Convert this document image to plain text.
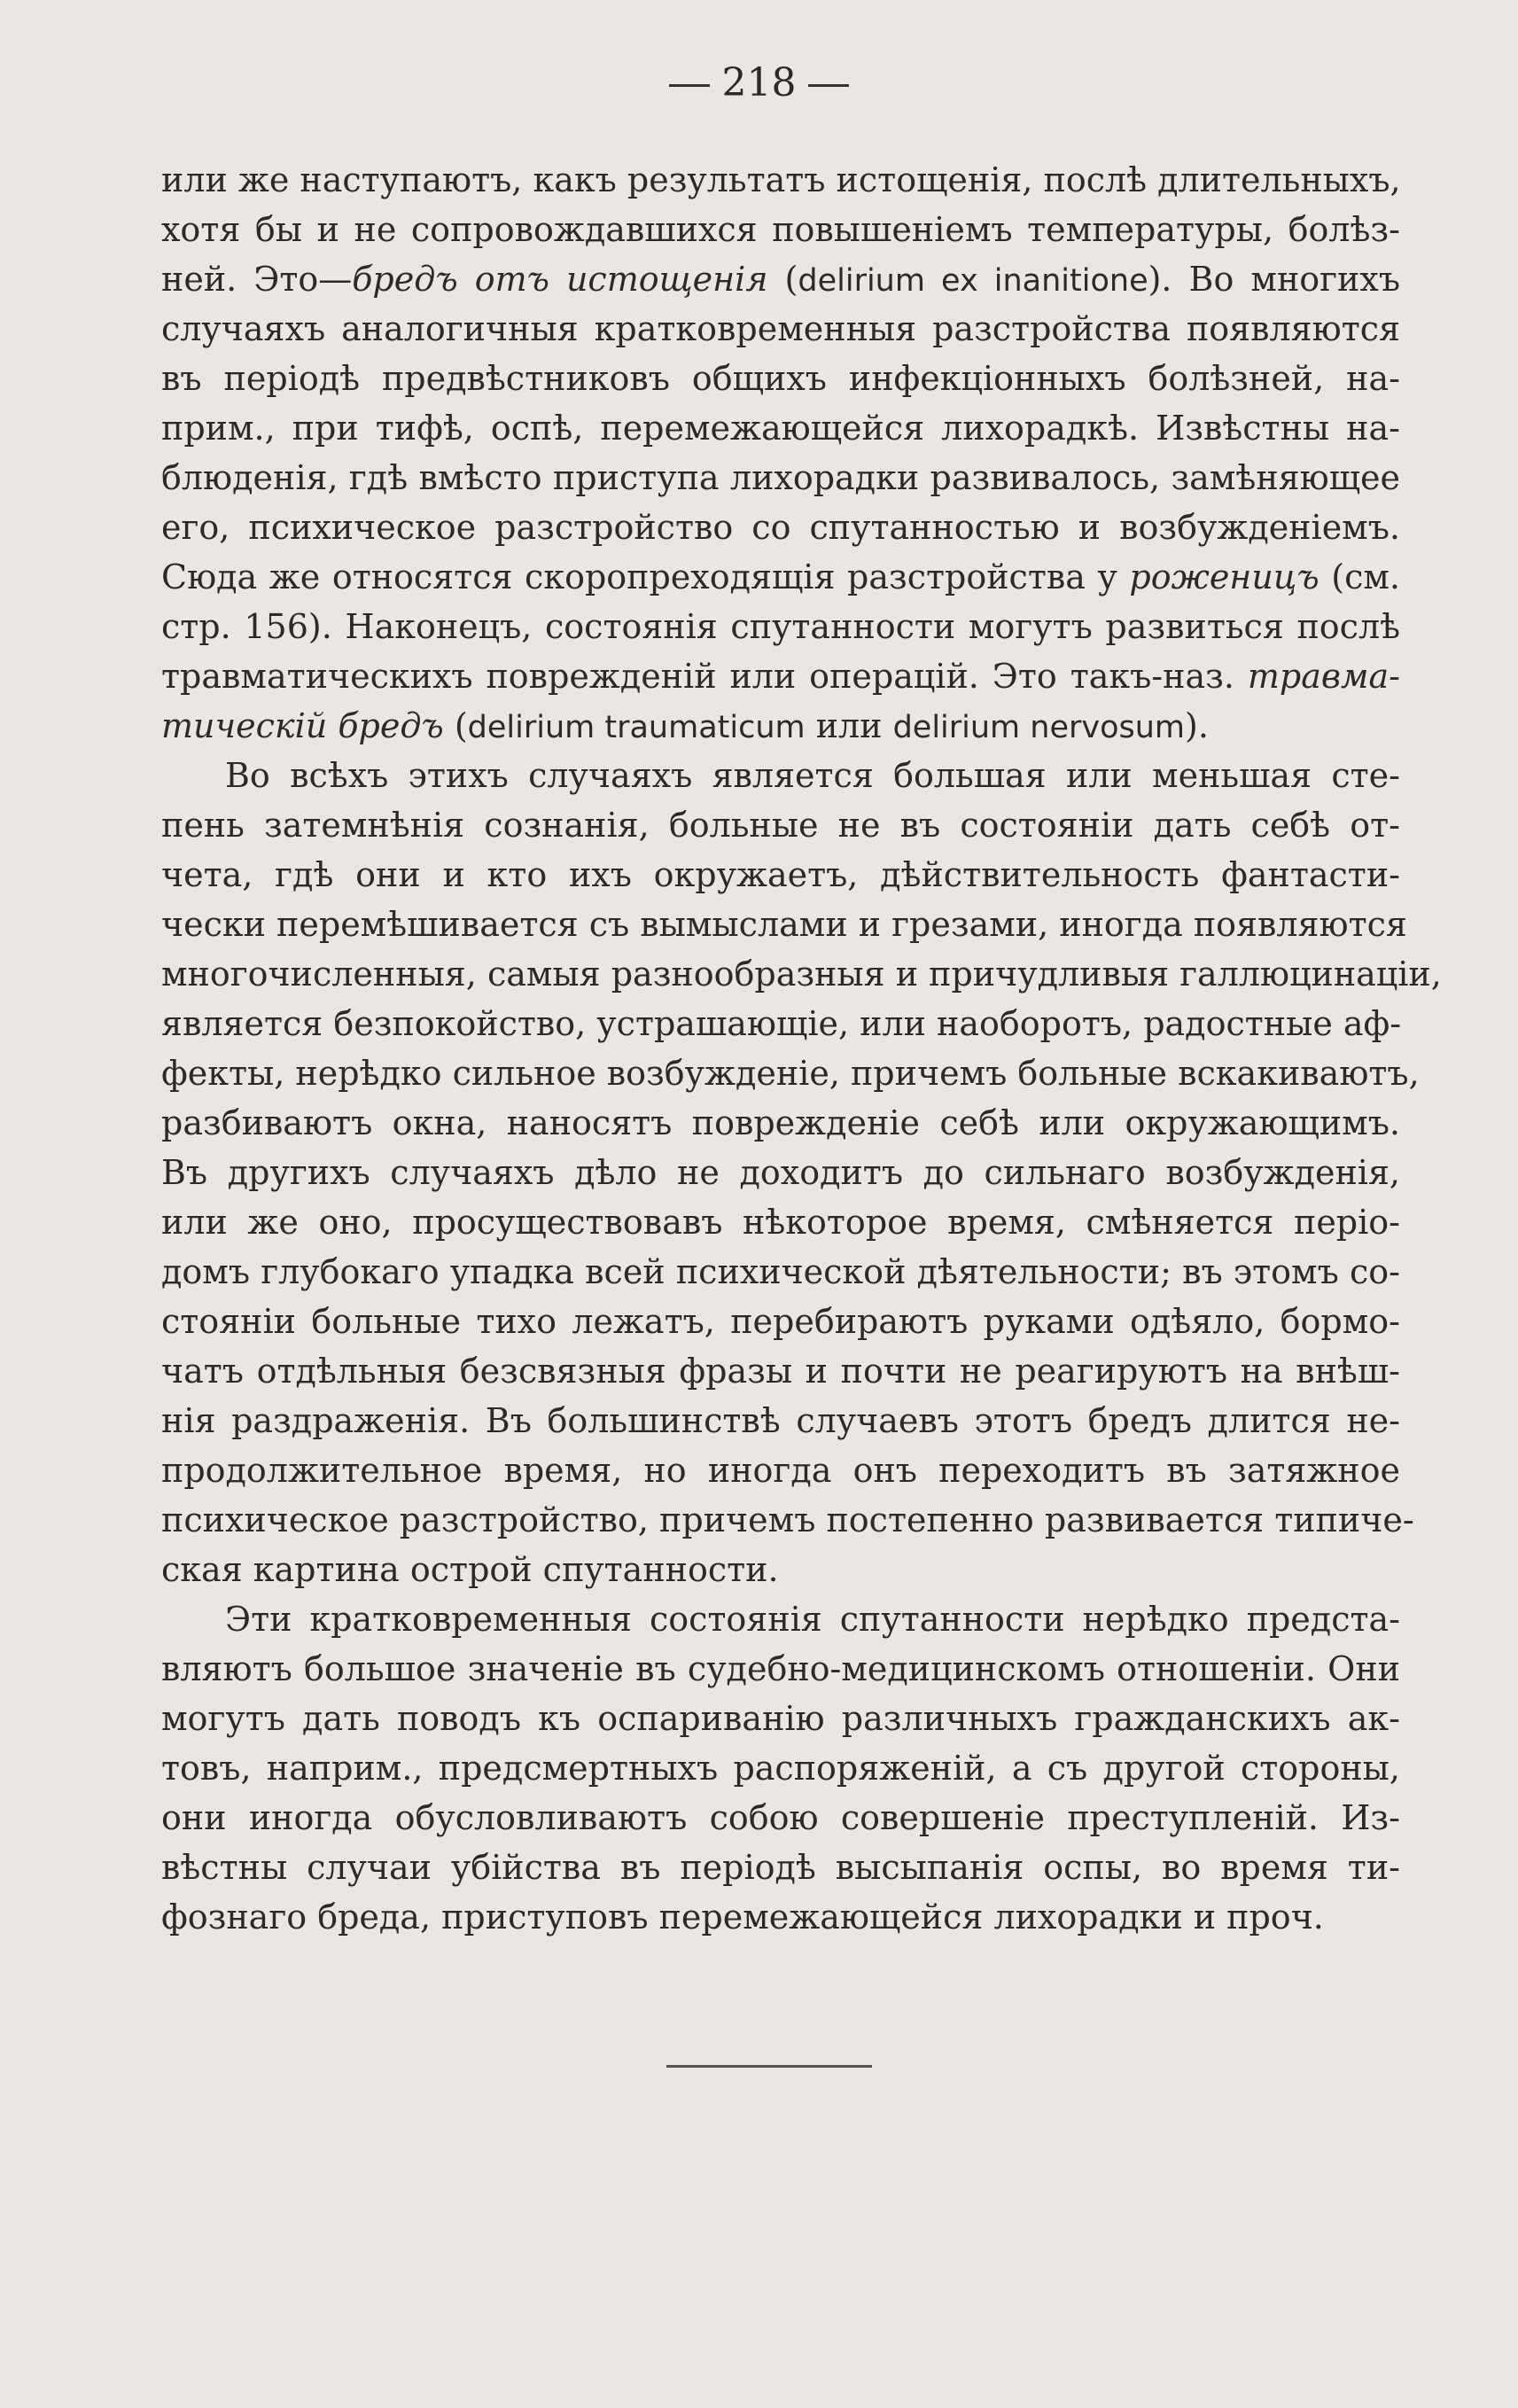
218
или же наступаютъ, какъ результатъ истощенія, послѣ длительныхъ,
хотя бы и не сопровождавшихся повышеніемъ температуры, болѣз-
ней. Это—бредъ отъ истощенія (delirium ex inanitione). Во многихъ
случаяхъ аналогичныя кратковременныя разстройства появляются
въ періодѣ предвѣстниковъ общихъ инфекціонныхъ болѣзней, на-
прим., при тифѣ, оспѣ, перемежающейся лихорадкѣ. Извѣстны на-
блюденія, гдѣ вмѣсто приступа лихорадки развивалось, замѣняющее
его, психическое разстройство со спутанностью и возбужденіемъ.
Сюда же относятся скоропреходящія разстройства у роженицъ (см.
стр. 156). Наконецъ, состоянія спутанности могутъ развиться послѣ
травматическихъ поврежденій или операцій. Это такъ-наз. травма-
тическій бредъ (delirium traumaticum или delirium nervosum).
Во всѣхъ этихъ случаяхъ является большая или меньшая сте-
пень затемнѣнія сознанія, больные не въ состояніи дать себѣ от-
чета, гдѣ они и кто ихъ окружаетъ, дѣйствительность фантасти-
чески перемѣшивается съ вымыслами и грезами, иногда появляются
многочисленныя, самыя разнообразныя и причудливыя галлюцинаціи,
является безпокойство, устрашающіе, или наоборотъ, радостные аф-
фекты, нерѣдко сильное возбужденіе, причемъ больные вскакиваютъ,
разбиваютъ окна, наносятъ поврежденіе себѣ или окружающимъ.
Въ другихъ случаяхъ дѣло не доходитъ до сильнаго возбужденія,
или же оно, просуществовавъ нѣкоторое время, смѣняется періо-
домъ глубокаго упадка всей психической дѣятельности; въ этомъ со-
стояніи больные тихо лежатъ, перебираютъ руками одѣяло, бормо-
чатъ отдѣльныя безсвязныя фразы и почти не реагируютъ на внѣш-
нія раздраженія. Въ большинствѣ случаевъ этотъ бредъ длится не-
продолжительное время, но иногда онъ переходитъ въ затяжное
психическое разстройство, причемъ постепенно развивается типиче-
ская картина острой спутанности.
Эти кратковременныя состоянія спутанности нерѣдко предста-
вляютъ большое значеніе въ судебно-медицинскомъ отношеніи. Они
могутъ дать поводъ къ оспариванію различныхъ гражданскихъ ак-
товъ, наприм., предсмертныхъ распоряженій, а съ другой стороны,
они иногда обусловливаютъ собою совершеніе преступленій. Из-
вѣстны случаи убійства въ періодѣ высыпанія оспы, во время ти-
фознаго бреда, приступовъ перемежающейся лихорадки и проч.
